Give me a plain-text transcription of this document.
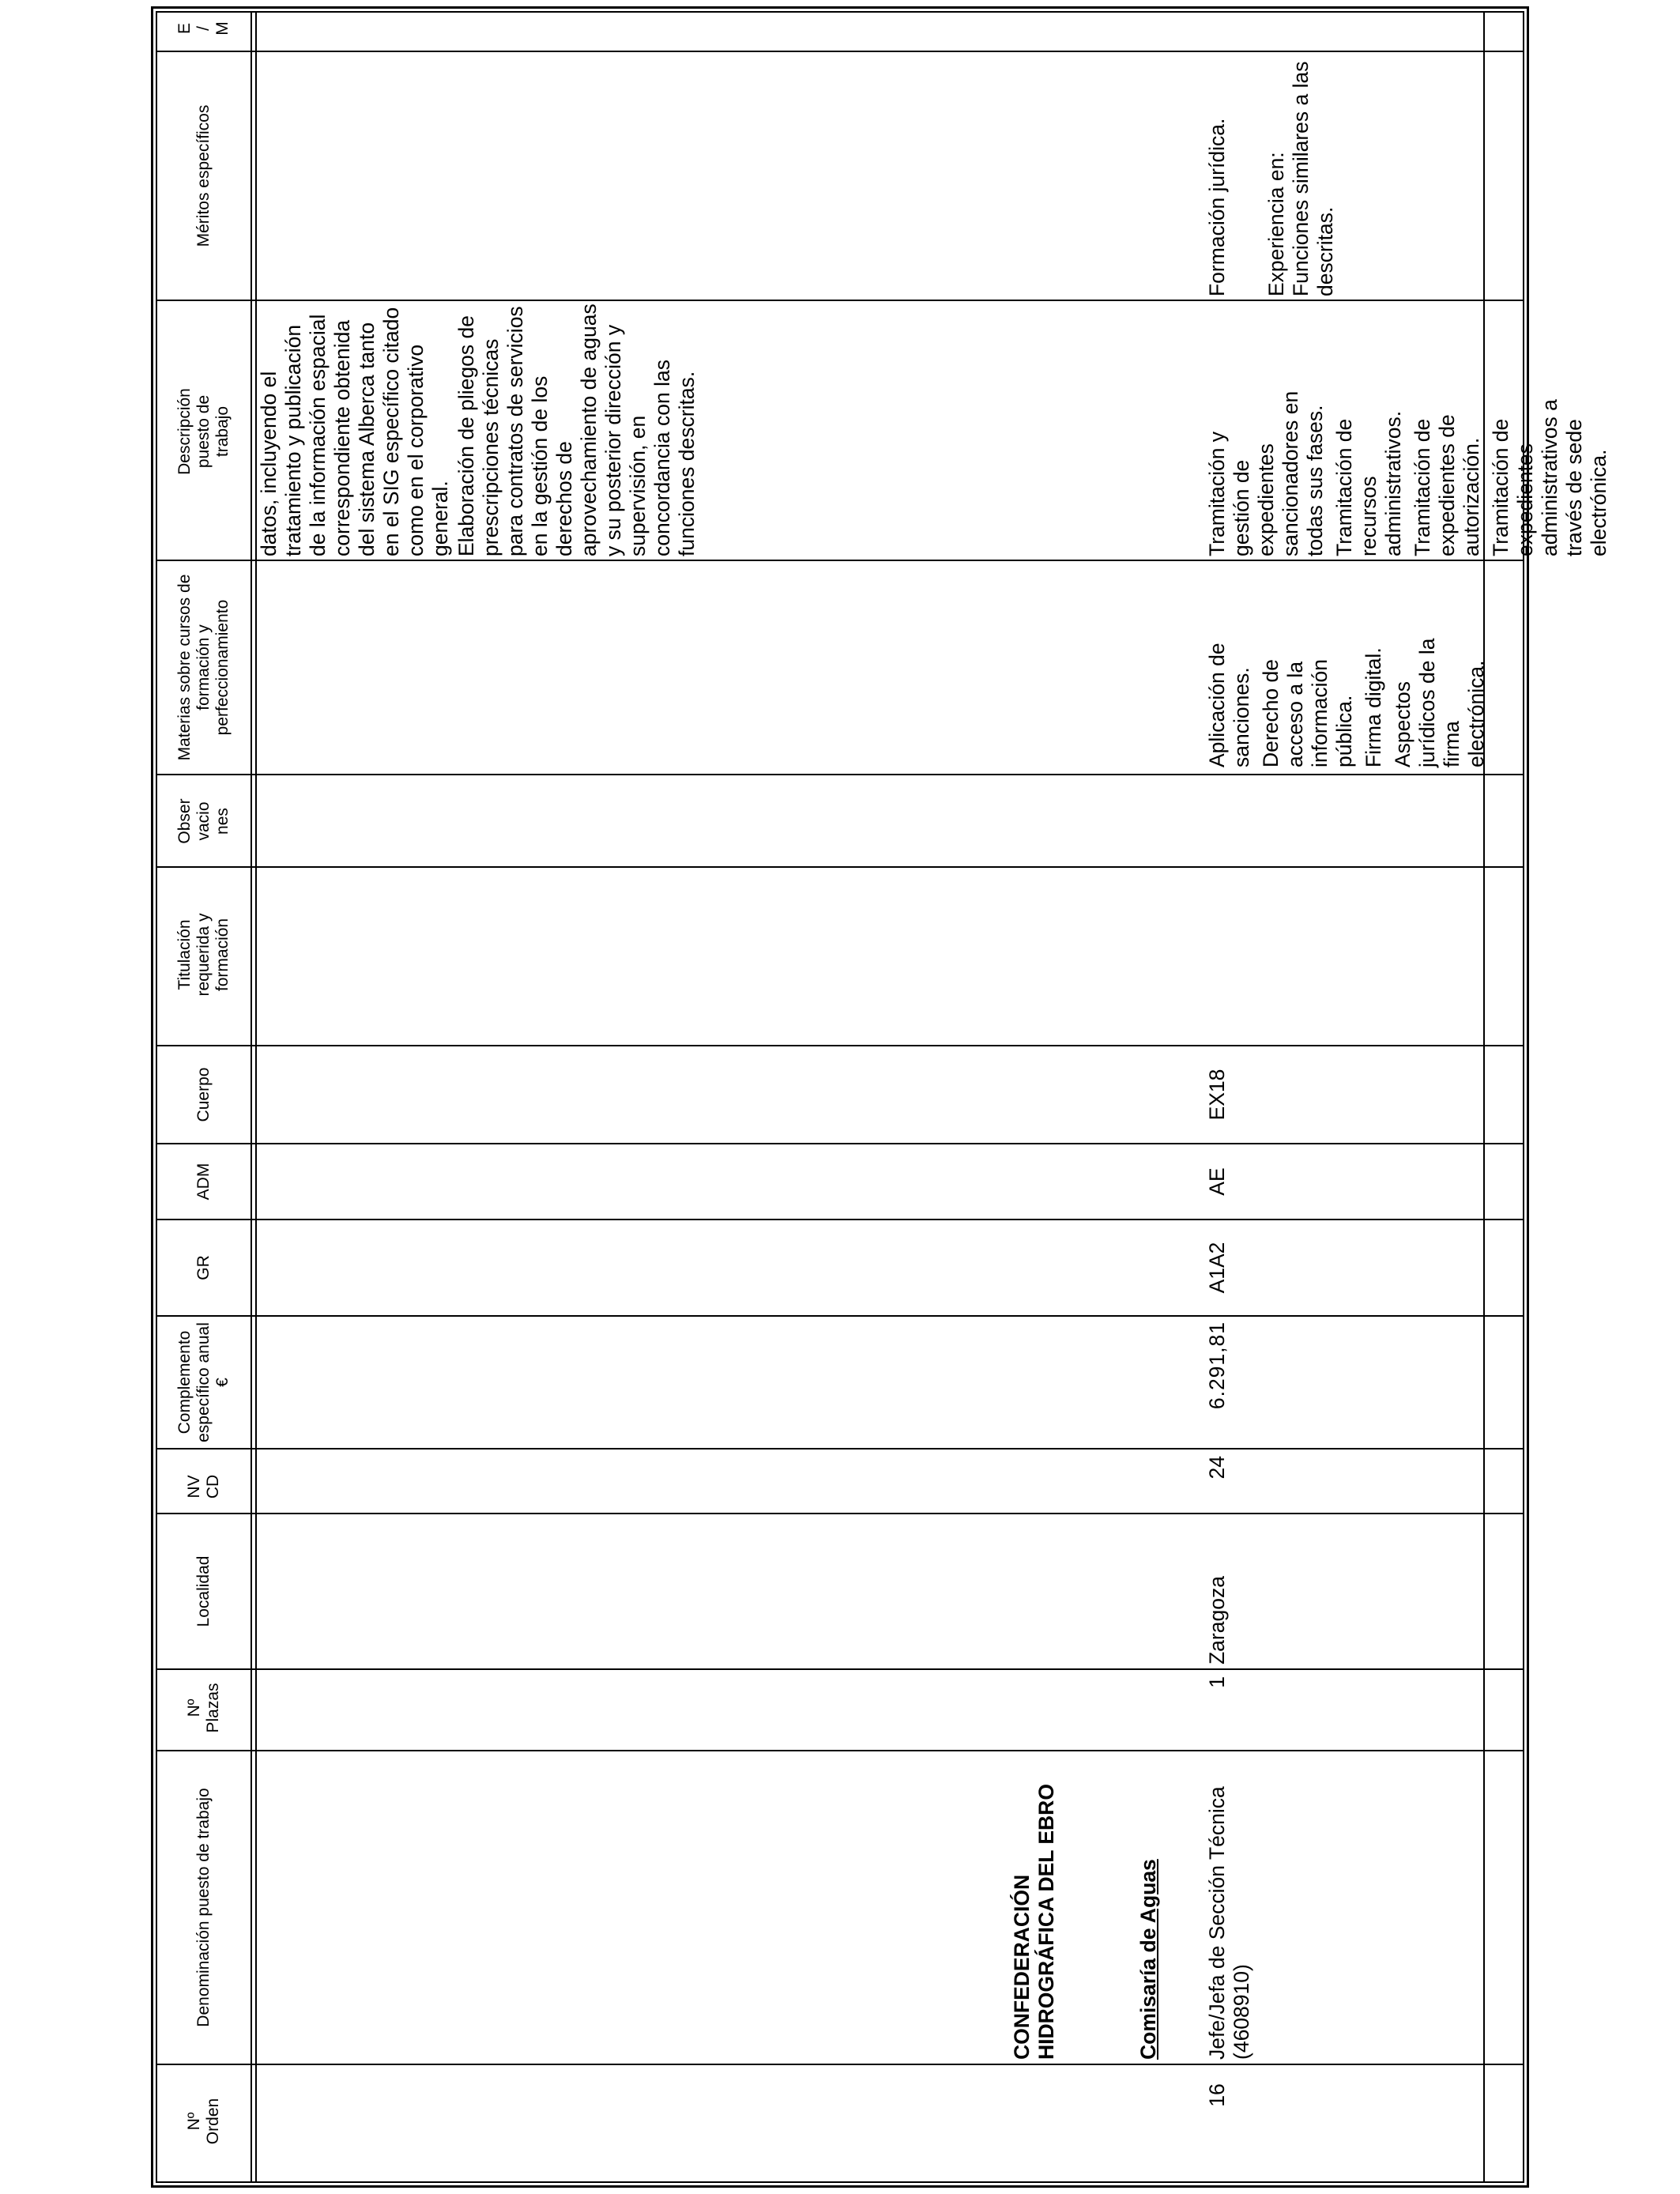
Nº Orden
Denominación puesto de trabajo
Nº Plazas
Localidad
NV CD
Complemento específico anual €
GR
ADM
Cuerpo
Titulación requerida y formación
Obser vacio nes
Materias sobre cursos de formación y perfeccionamiento
Descripción puesto de trabajo
Méritos específicos
E / M

datos, incluyendo el tratamiento y publicación de la información espacial correspondiente obtenida del sistema Alberca tanto en el SIG específico citado como en el corporativo general. Elaboración de pliegos de prescripciones técnicas para contratos de servicios en la gestión de los derechos de aprovechamiento de aguas y su posterior dirección y supervisión, en concordancia con las funciones descritas.

CONFEDERACIÓN HIDROGRÁFICA DEL EBRO	Comisaría de Aguas
16
Jefe/Jefa de Sección Técnica (4608910)
1
Zaragoza
24
6.291,81
A1A2
AE
EX18

Aplicación de sanciones. Derecho de acceso a la información pública. Firma digital. Aspectos jurídicos de la firma electrónica.

Tramitación y gestión de expedientes sancionadores en todas sus fases. Tramitación de recursos administrativos. Tramitación de expedientes de autorización. Tramitación de expedientes administrativos a través de sede electrónica.

Formación jurídica. Experiencia en: Funciones similares a las descritas.
